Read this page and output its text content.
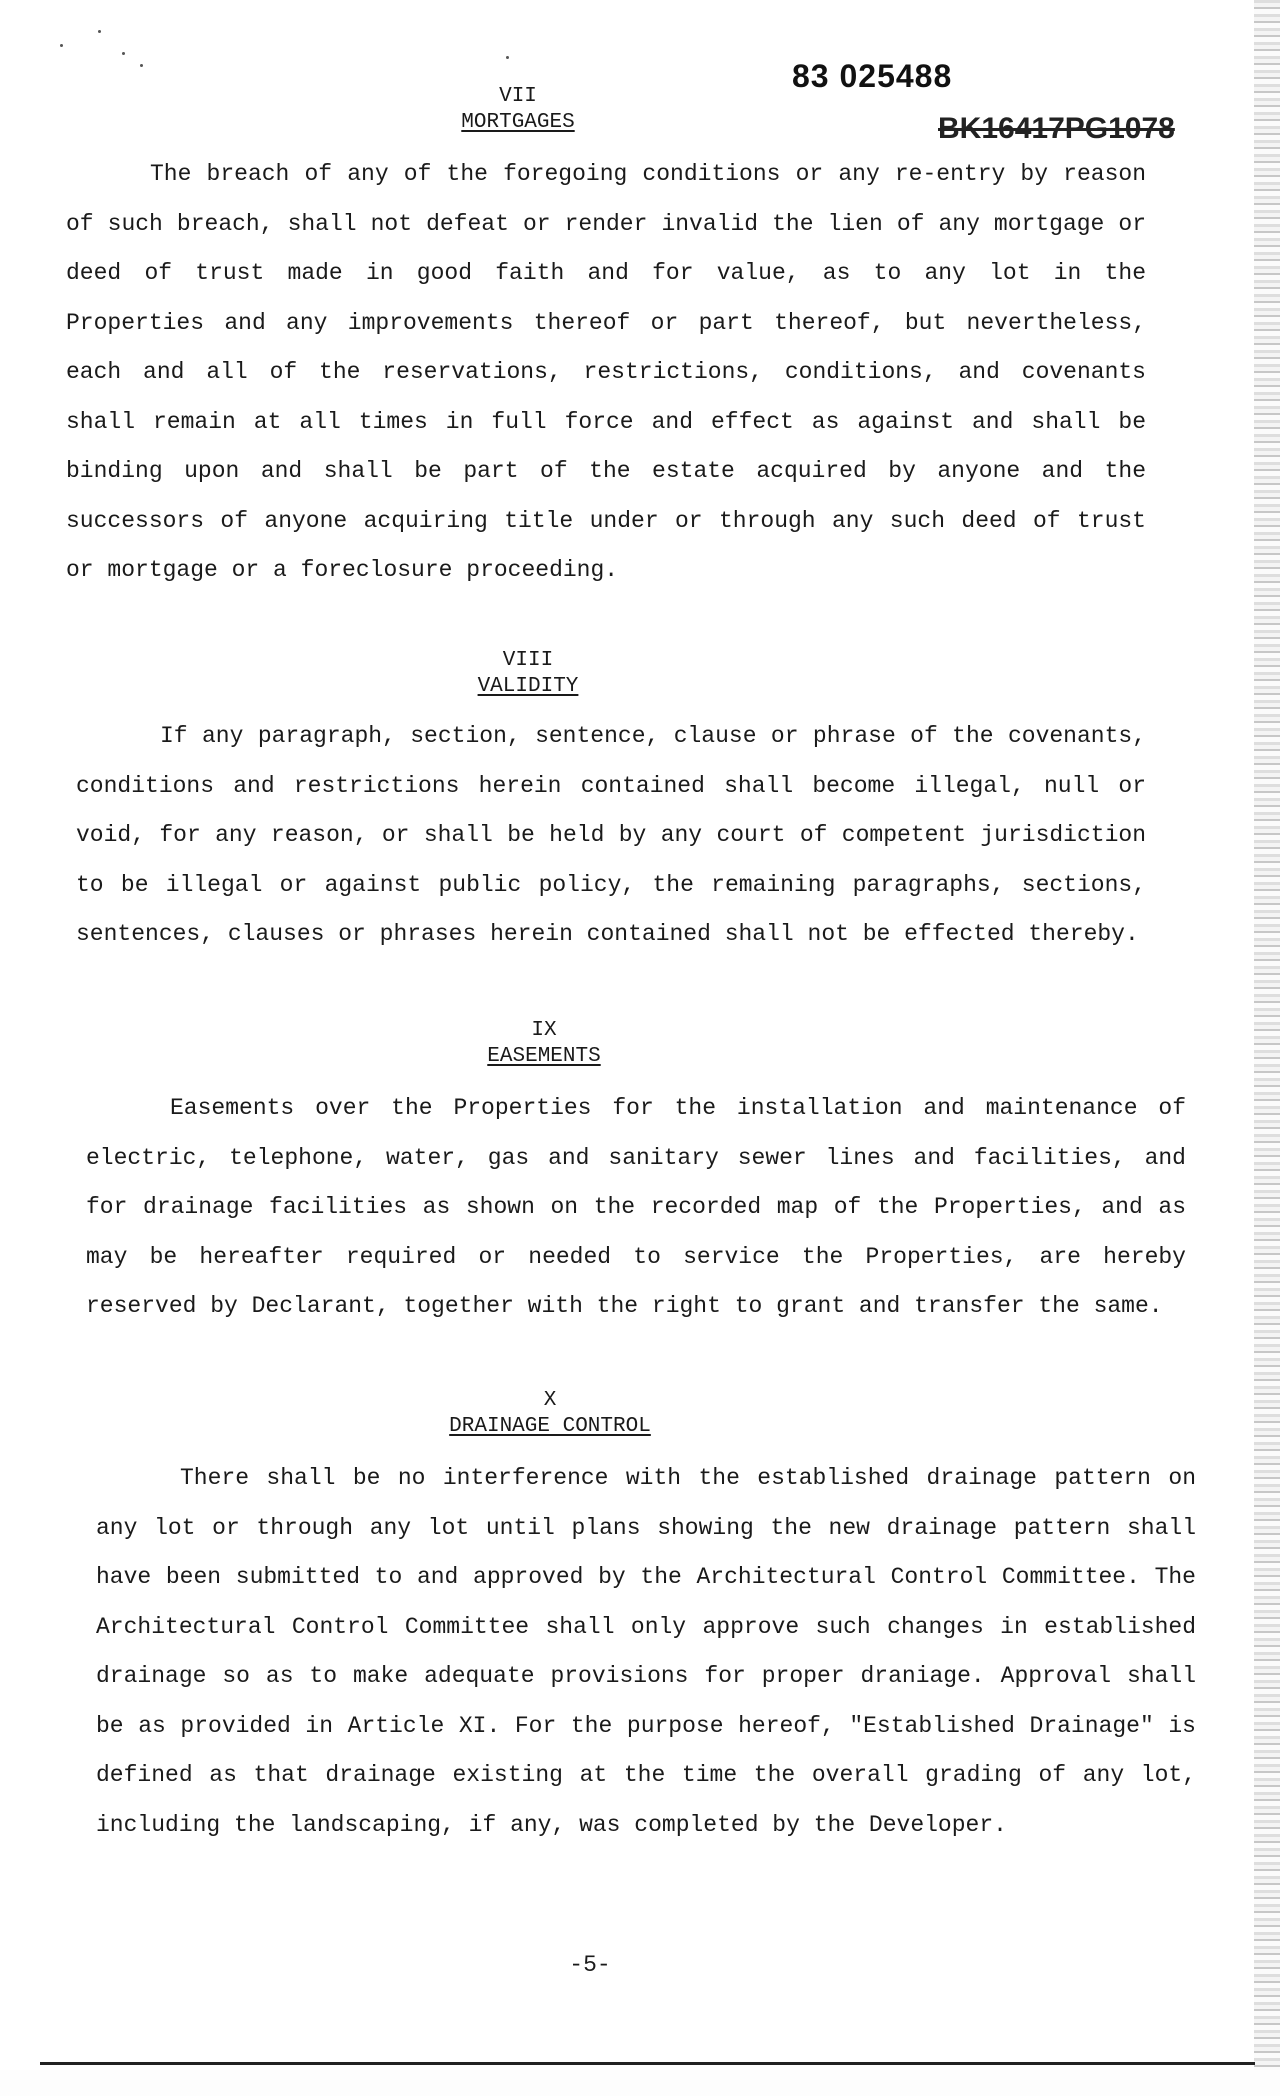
83 025488
BK16417PG1078
VII
MORTGAGES

The breach of any of the foregoing conditions or any re-entry by reason of such breach, shall not defeat or render invalid the lien of any mortgage or deed of trust made in good faith and for value, as to any lot in the Properties and any improvements thereof or part thereof, but nevertheless, each and all of the reservations, restrictions, conditions, and covenants shall remain at all times in full force and effect as against and shall be binding upon and shall be part of the estate acquired by anyone and the successors of anyone acquiring title under or through any such deed of trust or mortgage or a foreclosure proceeding.

VIII
VALIDITY

If any paragraph, section, sentence, clause or phrase of the covenants, conditions and restrictions herein contained shall become illegal, null or void, for any reason, or shall be held by any court of competent jurisdiction to be illegal or against public policy, the remaining paragraphs, sections, sentences, clauses or phrases herein contained shall not be effected thereby.

IX
EASEMENTS

Easements over the Properties for the installation and maintenance of electric, telephone, water, gas and sanitary sewer lines and facilities, and for drainage facilities as shown on the recorded map of the Properties, and as may be hereafter required or needed to service the Properties, are hereby reserved by Declarant, together with the right to grant and transfer the same.

X
DRAINAGE CONTROL

There shall be no interference with the established drainage pattern on any lot or through any lot until plans showing the new drainage pattern shall have been submitted to and approved by the Architectural Control Committee. The Architectural Control Committee shall only approve such changes in established drainage so as to make adequate provisions for proper draniage. Approval shall be as provided in Article XI. For the purpose hereof, "Established Drainage" is defined as that drainage existing at the time the overall grading of any lot, including the landscaping, if any, was completed by the Developer.

-5-
